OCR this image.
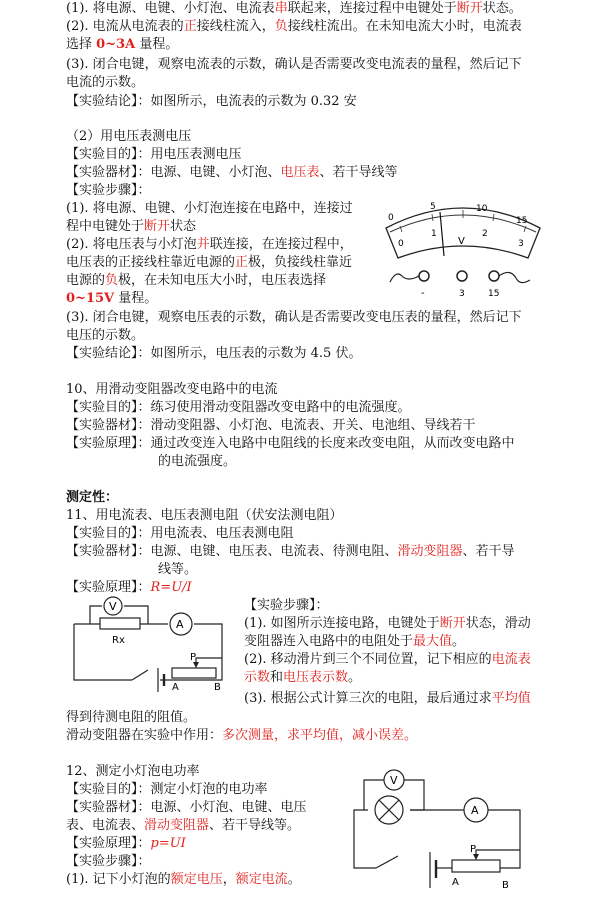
(1). 将电源、电键、小灯泡、电流表串联起来，连接过程中电键处于断开状态。
(2). 电流从电流表的正接线柱流入，负接线柱流出。在未知电流大小时，电流表
选择 0~3A 量程。
(3). 闭合电键，观察电流表的示数，确认是否需要改变电流表的量程，然后记下
电流的示数。
【实验结论】：如图所示，电流表的示数为 0.32 安
（2）用电压表测电压
【实验目的】：用电压表测电压
【实验器材】：电源、电键、小灯泡、电压表、若干导线等
【实验步骤】：
(1). 将电源、电键、小灯泡连接在电路中，连接过
程中电键处于断开状态
(2). 将电压表与小灯泡并联连接，在连接过程中，
电压表的正接线柱靠近电源的正极，负接线柱靠近
电源的负极，在未知电压大小时，电压表选择
0~15V 量程。
(3). 闭合电键，观察电压表的示数，确认是否需要改变电压表的量程，然后记下
电压的示数。
【实验结论】：如图所示，电压表的示数为 4.5 伏。
0
5	10
15
0
1	2
3
V
-	3	15
10、用滑动变阻器改变电路中的电流
【实验目的】：练习使用滑动变阻器改变电路中的电流强度。
【实验器材】：滑动变阻器、小灯泡、电流表、开关、电池组、导线若干
【实验原理】：通过改变连入电路中电阻线的长度来改变电阻，从而改变电路中
的电流强度。
测定性：
11、用电流表、电压表测电阻（伏安法测电阻）
【实验目的】：用电流表、电压表测电阻
【实验器材】：电源、电键、电压表、电流表、待测电阻、滑动变阻器、若干导
线等。
【实验原理】：R=U/I
V
A
Rx
P
A	B
【实验步骤】：
(1). 如图所示连接电路，电键处于断开状态，滑动
变阻器连入电路中的电阻处于最大值。
(2). 移动滑片到三个不同位置，记下相应的电流表
示数和电压表示数。
(3). 根据公式计算三次的电阻，最后通过求平均值
得到待测电阻的阻值。
滑动变阻器在实验中作用：多次测量，求平均值，减小误差。
12、测定小灯泡电功率
【实验目的】：测定小灯泡的电功率
【实验器材】：电源、小灯泡、电键、电压
表、电流表、滑动变阻器、若干导线等。
【实验原理】：p=UI
【实验步骤】：
(1). 记下小灯泡的额定电压，额定电流。
V
A
P
A	B
